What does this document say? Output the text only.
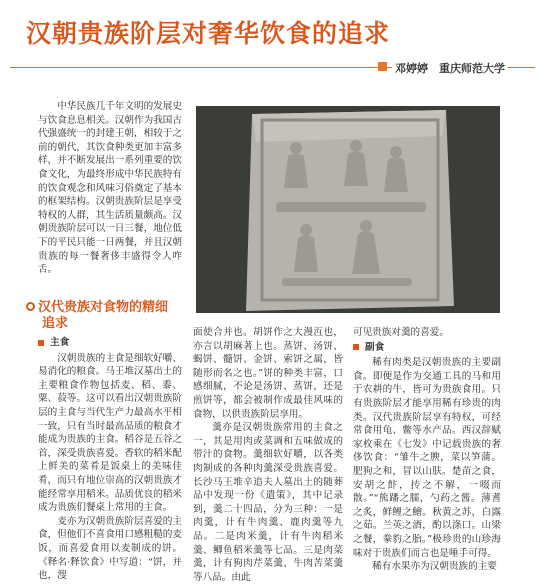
汉朝贵族阶层对奢华饮食的追求
邓婷婷　重庆师范大学

中华民族几千年文明的发展史与饮食息息相关。汉朝作为我国古代强盛统一的封建王朝，相较于之前的朝代，其饮食种类更加丰富多样，并不断发展出一系列重要的饮食文化，为最终形成中华民族特有的饮食观念和风味习俗奠定了基本的框架结构。汉朝贵族阶层是享受特权的人群，其生活质量颇高。汉朝贵族阶层可以一日三餐，地位低下的平民只能一日两餐，并且汉朝贵族的每一餐奢侈丰盛得令人咋舌。

汉代贵族对食物的精细
追求
主食

汉朝贵族的主食是细软好嚼、易消化的粮食。马王堆汉墓出土的主要粮食作物包括麦、稻、黍、粟、菽等。这可以看出汉朝贵族阶层的主食与当代生产力最高水平相一致，只有当时最高品质的粮食才能成为贵族的主食。稻谷是五谷之首，深受贵族喜爱。香软的稻米配上鲜美的菜肴是饭桌上的美味佳肴，而只有地位崇高的汉朝贵族才能经常享用稻米。品质优良的稻米成为贵族们餐桌上常用的主食。

麦亦为汉朝贵族阶层喜爱的主食，但他们不喜食用口感粗糙的麦饭，而喜爱食用以麦制成的饼。《释名·释饮食》中写道：“饼，并也，溲

面使合并也。胡饼作之大漫沍也，亦言以胡麻著上也。蒸饼、汤饼、蝎饼、髓饼、金饼、索饼之属，皆随形而名之也。”饼的种类丰富，口感细腻，不论是汤饼、蒸饼，还是煎饼等，都会被制作成最佳风味的食物，以供贵族阶层享用。

羹亦是汉朝贵族常用的主食之一，其是用肉或菜调和五味做成的带汁的食物。羹细软好嚼，以各类肉制成的各种肉羹深受贵族喜爱。长沙马王堆辛追夫人墓出土的随葬品中发现一份《遣策》，其中记录到，羹二十四品，分为三种：一是肉羹，计有牛肉羹、鹿肉羹等九品。二是肉米羹，计有牛肉稻米羹、鲫鱼稻米羹等七品。三是肉菜羹，计有狗肉芹菜羹、牛肉苦菜羹等八品。由此

可见贵族对羹的喜爱。

副食

稀有肉类是汉朝贵族的主要副食。即便是作为交通工具的马和用于农耕的牛，皆可为贵族食用。只有贵族阶层才能享用稀有珍贵的肉类。汉代贵族阶层享有特权，可经常食用龟、鳖等水产品。西汉辞赋家枚乘在《七发》中记载贵族的奢侈饮食：“雏牛之腴，菜以笋蒲。肥狗之和，冒以山肤。楚苗之食，安胡之飰，抟之不解，一啜而散。”“熊蹯之臑，勺药之酱。薄耆之炙，鲜鲤之鱠。秋黄之苏，白露之茹。兰英之酒，酌以涤口。山梁之餐，豢豹之胎。”极珍贵的山珍海味对于贵族们而言也是唾手可得。

稀有水果亦为汉朝贵族的主要
